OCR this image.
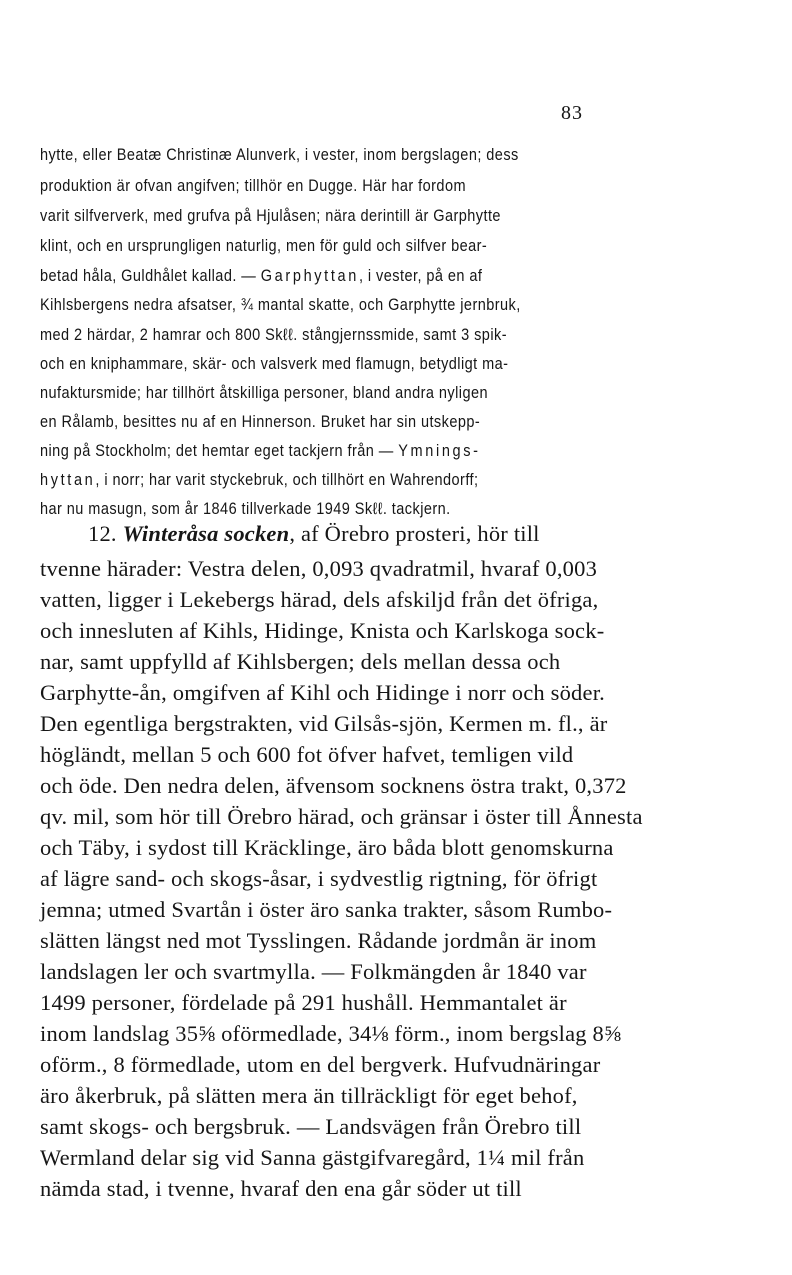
83
hytte, eller Beatæ Christinæ Alunverk, i vester, inom bergslagen; dess
produktion är ofvan angifven; tillhör en Dugge. Här har fordom
varit silfververk, med grufva på Hjulåsen; nära derintill är Garphytte
klint, och en ursprungligen naturlig, men för guld och silfver bear-
betad håla, Guldhålet kallad. — Garphyttan, i vester, på en af
Kihlsbergens nedra afsatser, ¾ mantal skatte, och Garphytte jernbruk,
med 2 härdar, 2 hamrar och 800 Skℓℓ. stångjernssmide, samt 3 spik-
och en kniphammare, skär- och valsverk med flamugn, betydligt ma-
nufaktursmide; har tillhört åtskilliga personer, bland andra nyligen
en Rålamb, besittes nu af en Hinnerson. Bruket har sin utskepp-
ning på Stockholm; det hemtar eget tackjern från — Ymnings-
hyttan, i norr; har varit styckebruk, och tillhört en Wahrendorff;
har nu masugn, som år 1846 tillverkade 1949 Skℓℓ. tackjern.
12. Winteråsa socken, af Örebro prosteri, hör till
tvenne härader: Vestra delen, 0,093 qvadratmil, hvaraf 0,003
vatten, ligger i Lekebergs härad, dels afskiljd från det öfriga,
och innesluten af Kihls, Hidinge, Knista och Karlskoga sock-
nar, samt uppfylld af Kihlsbergen; dels mellan dessa och
Garphytte-ån, omgifven af Kihl och Hidinge i norr och söder.
Den egentliga bergstrakten, vid Gilsås-sjön, Kermen m. fl., är
högländt, mellan 5 och 600 fot öfver hafvet, temligen vild
och öde. Den nedra delen, äfvensom socknens östra trakt, 0,372
qv. mil, som hör till Örebro härad, och gränsar i öster till Ånnesta
och Täby, i sydost till Kräcklinge, äro båda blott genomskurna
af lägre sand- och skogs-åsar, i sydvestlig rigtning, för öfrigt
jemna; utmed Svartån i öster äro sanka trakter, såsom Rumbo-
slätten längst ned mot Tysslingen. Rådande jordmån är inom
landslagen ler och svartmylla. — Folkmängden år 1840 var
1499 personer, fördelade på 291 hushåll. Hemmantalet är
inom landslag 35⅝ oförmedlade, 34⅛ förm., inom bergslag 8⅝
oförm., 8 förmedlade, utom en del bergverk. Hufvudnäringar
äro åkerbruk, på slätten mera än tillräckligt för eget behof,
samt skogs- och bergsbruk. — Landsvägen från Örebro till
Wermland delar sig vid Sanna gästgifvaregård, 1¼ mil från
nämda stad, i tvenne, hvaraf den ena går söder ut till
